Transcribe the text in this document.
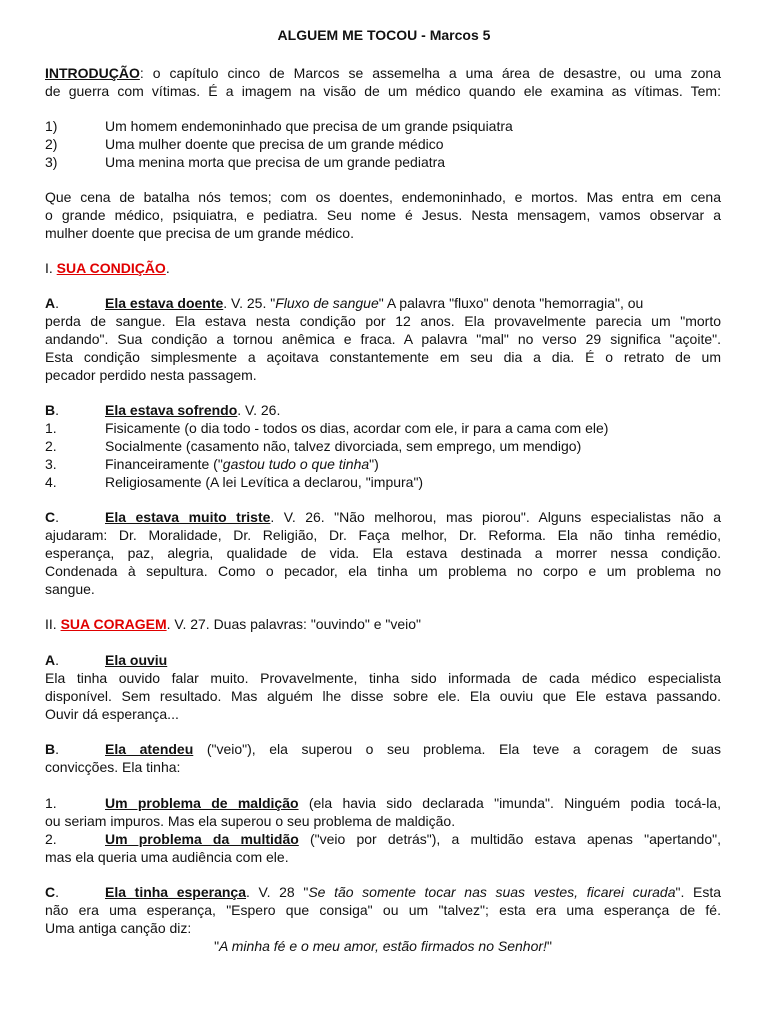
ALGUEM ME TOCOU - Marcos 5
INTRODUÇÃO: o capítulo cinco de Marcos se assemelha a uma área de desastre, ou uma zona
de guerra com vítimas. É a imagem na visão de um médico quando ele examina as vítimas. Tem:
1)	Um homem endemoninhado que precisa de um grande psiquiatra
2)	Uma mulher doente que precisa de um grande médico
3)	Uma menina morta que precisa de um grande pediatra
Que cena de batalha nós temos; com os doentes, endemoninhado, e mortos. Mas entra em cena
o grande médico, psiquiatra, e pediatra. Seu nome é Jesus. Nesta mensagem, vamos observar a
mulher doente que precisa de um grande médico.
I. SUA CONDIÇÃO.
A.	Ela estava doente. V. 25. "Fluxo de sangue" A palavra "fluxo" denota "hemorragia", ou
perda de sangue. Ela estava nesta condição por 12 anos. Ela provavelmente parecia um "morto
andando". Sua condição a tornou anêmica e fraca. A palavra "mal" no verso 29 significa "açoite".
Esta condição simplesmente a açoitava constantemente em seu dia a dia. É o retrato de um
pecador perdido nesta passagem.
B.	Ela estava sofrendo. V. 26.
1.	Fisicamente (o dia todo - todos os dias, acordar com ele, ir para a cama com ele)
2.	Socialmente (casamento não, talvez divorciada, sem emprego, um mendigo)
3.	Financeiramente ("gastou tudo o que tinha")
4.	Religiosamente (A lei Levítica a declarou, "impura")
C.	Ela estava muito triste. V. 26. "Não melhorou, mas piorou". Alguns especialistas não a
ajudaram: Dr. Moralidade, Dr. Religião, Dr. Faça melhor, Dr. Reforma. Ela não tinha remédio,
esperança, paz, alegria, qualidade de vida. Ela estava destinada a morrer nessa condição.
Condenada à sepultura. Como o pecador, ela tinha um problema no corpo e um problema no
sangue.
II. SUA CORAGEM. V. 27. Duas palavras: "ouvindo" e "veio"
A.	Ela ouviu
Ela tinha ouvido falar muito. Provavelmente, tinha sido informada de cada médico especialista
disponível. Sem resultado. Mas alguém lhe disse sobre ele. Ela ouviu que Ele estava passando.
Ouvir dá esperança...
B.	Ela atendeu ("veio"), ela superou o seu problema. Ela teve a coragem de suas
convicções. Ela tinha:
1.	Um problema de maldição (ela havia sido declarada "imunda". Ninguém podia tocá-la,
ou seriam impuros. Mas ela superou o seu problema de maldição.
2.	Um problema da multidão ("veio por detrás"), a multidão estava apenas "apertando",
mas ela queria uma audiência com ele.
C.	Ela tinha esperança. V. 28 "Se tão somente tocar nas suas vestes, ficarei curada". Esta
não era uma esperança, "Espero que consiga" ou um "talvez"; esta era uma esperança de fé.
Uma antiga canção diz:
"A minha fé e o meu amor, estão firmados no Senhor!"
